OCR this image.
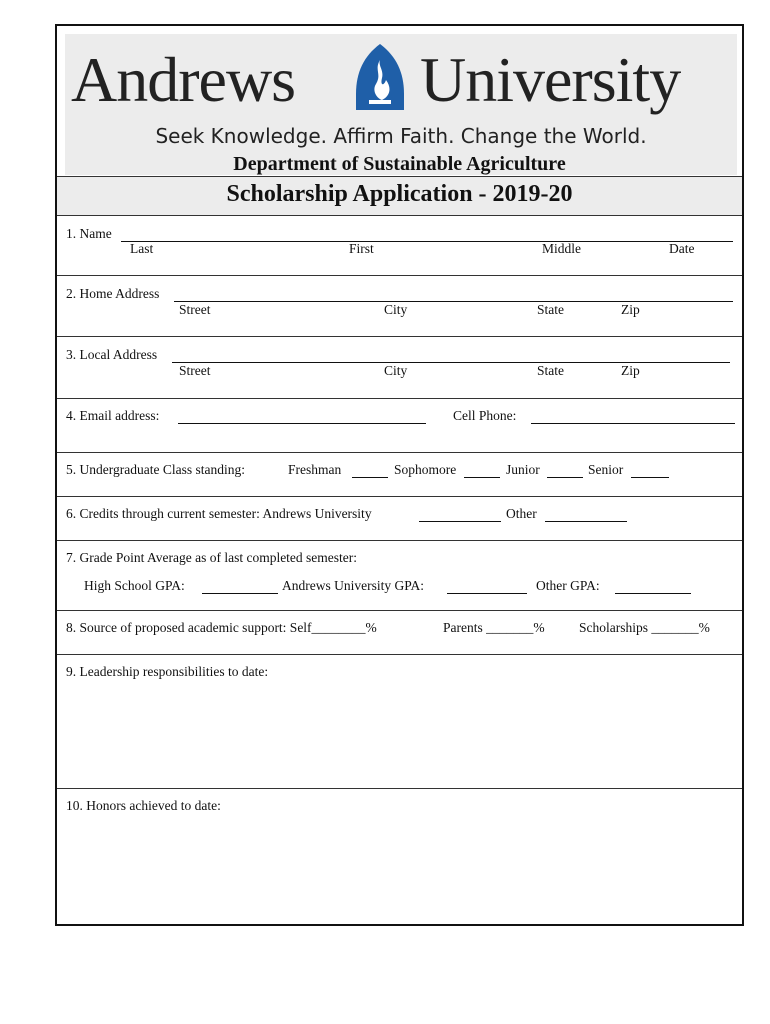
Andrews University
Seek Knowledge. Affirm Faith. Change the World.
Department of Sustainable Agriculture
Scholarship Application - 2019-20
1. Name
Last	First	Middle	Date
2. Home Address
Street	City	State	Zip
3. Local Address
Street	City	State	Zip
4. Email address:	Cell Phone:
5. Undergraduate Class standing:	Freshman	Sophomore	Junior	Senior
6. Credits through current semester: Andrews University	Other
7. Grade Point Average as of last completed semester:
High School GPA:	Andrews University GPA:	Other GPA:
8. Source of proposed academic support: Self________%	Parents _______%	Scholarships _______%
9. Leadership responsibilities to date:
10. Honors achieved to date:
